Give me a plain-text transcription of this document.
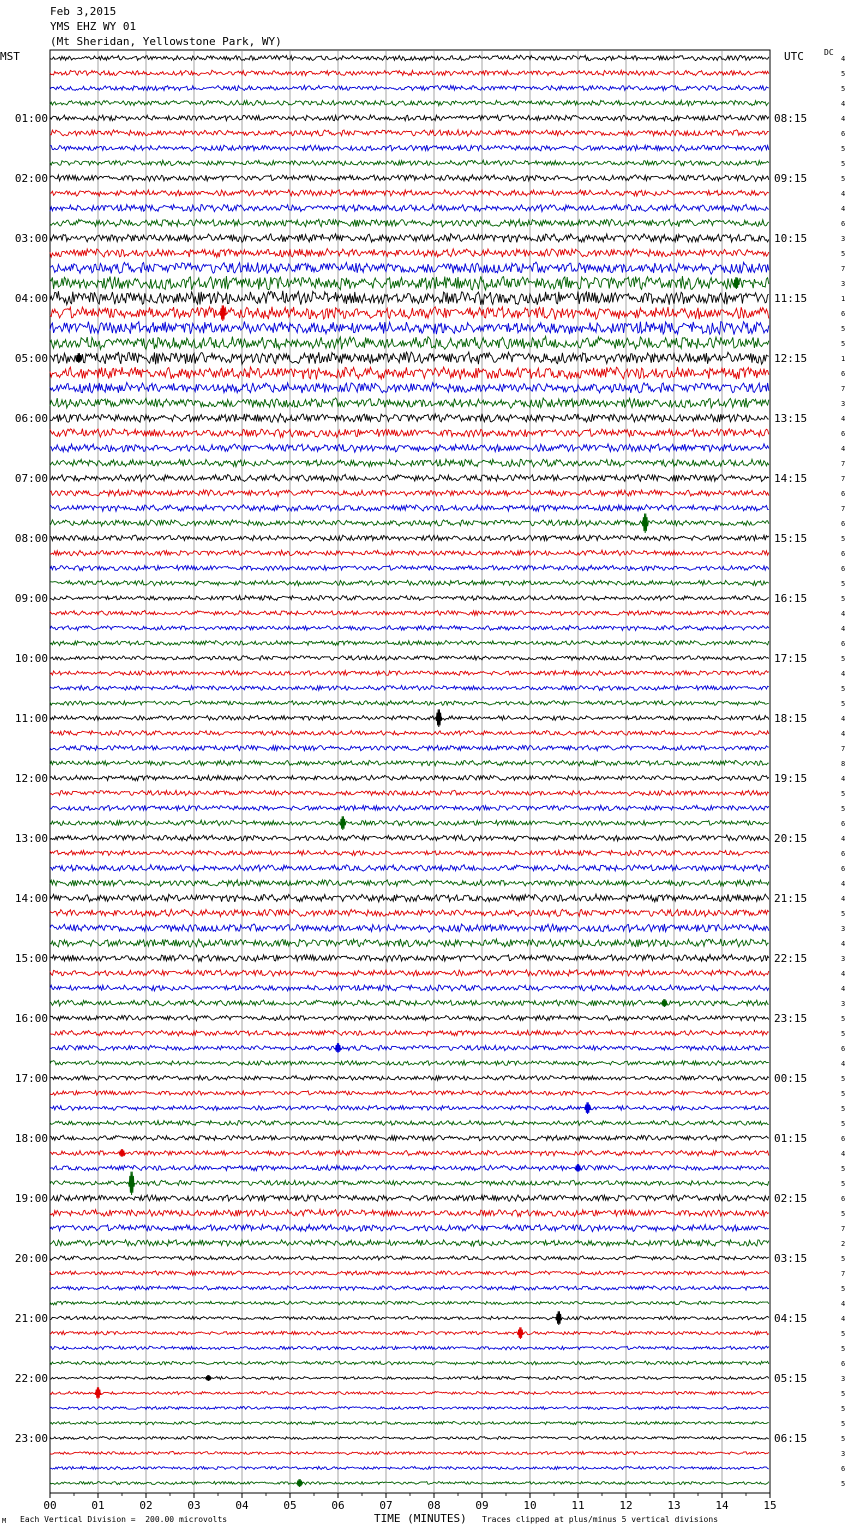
Feb 3,2015
YMS EHZ WY 01
(Mt Sheridan, Yellowstone Park, WY)
MST	UTC	DC
01:00
02:00
03:00
04:00
05:00
06:00
07:00
08:00
09:00
10:00
11:00
12:00
13:00
14:00
15:00
16:00
17:00
18:00
19:00
20:00
21:00
22:00
23:00
08:15
09:15
10:15
11:15
12:15
13:15
14:15
15:15
16:15
17:15
18:15
19:15
20:15
21:15
22:15
23:15
00:15
01:15
02:15
03:15
04:15
05:15
06:15
4
5
5
4
4
6
5
5
5
4
4
6
3
5
7
3
1
6
5
5
1
6
7
3
4
6
4
7
7
6
7
6
5
6
6
5
5
4
4
6
5
4
5
5
4
4
7
8
4
5
5
6
4
6
6
4
4
5
3
4
3
4
4
3
5
5
6
4
5
5
5
5
6
4
5
5
6
5
7
2
5
7
5
4
4
5
5
6
3
5
5
5
5
3
6
5
00	01	02	03	04	05	06	07	08	09	10	11	12	13	14	15
M Each Vertical Division =  200.00 microvolts	TIME (MINUTES) Traces clipped at plus/minus 5 vertical divisions
